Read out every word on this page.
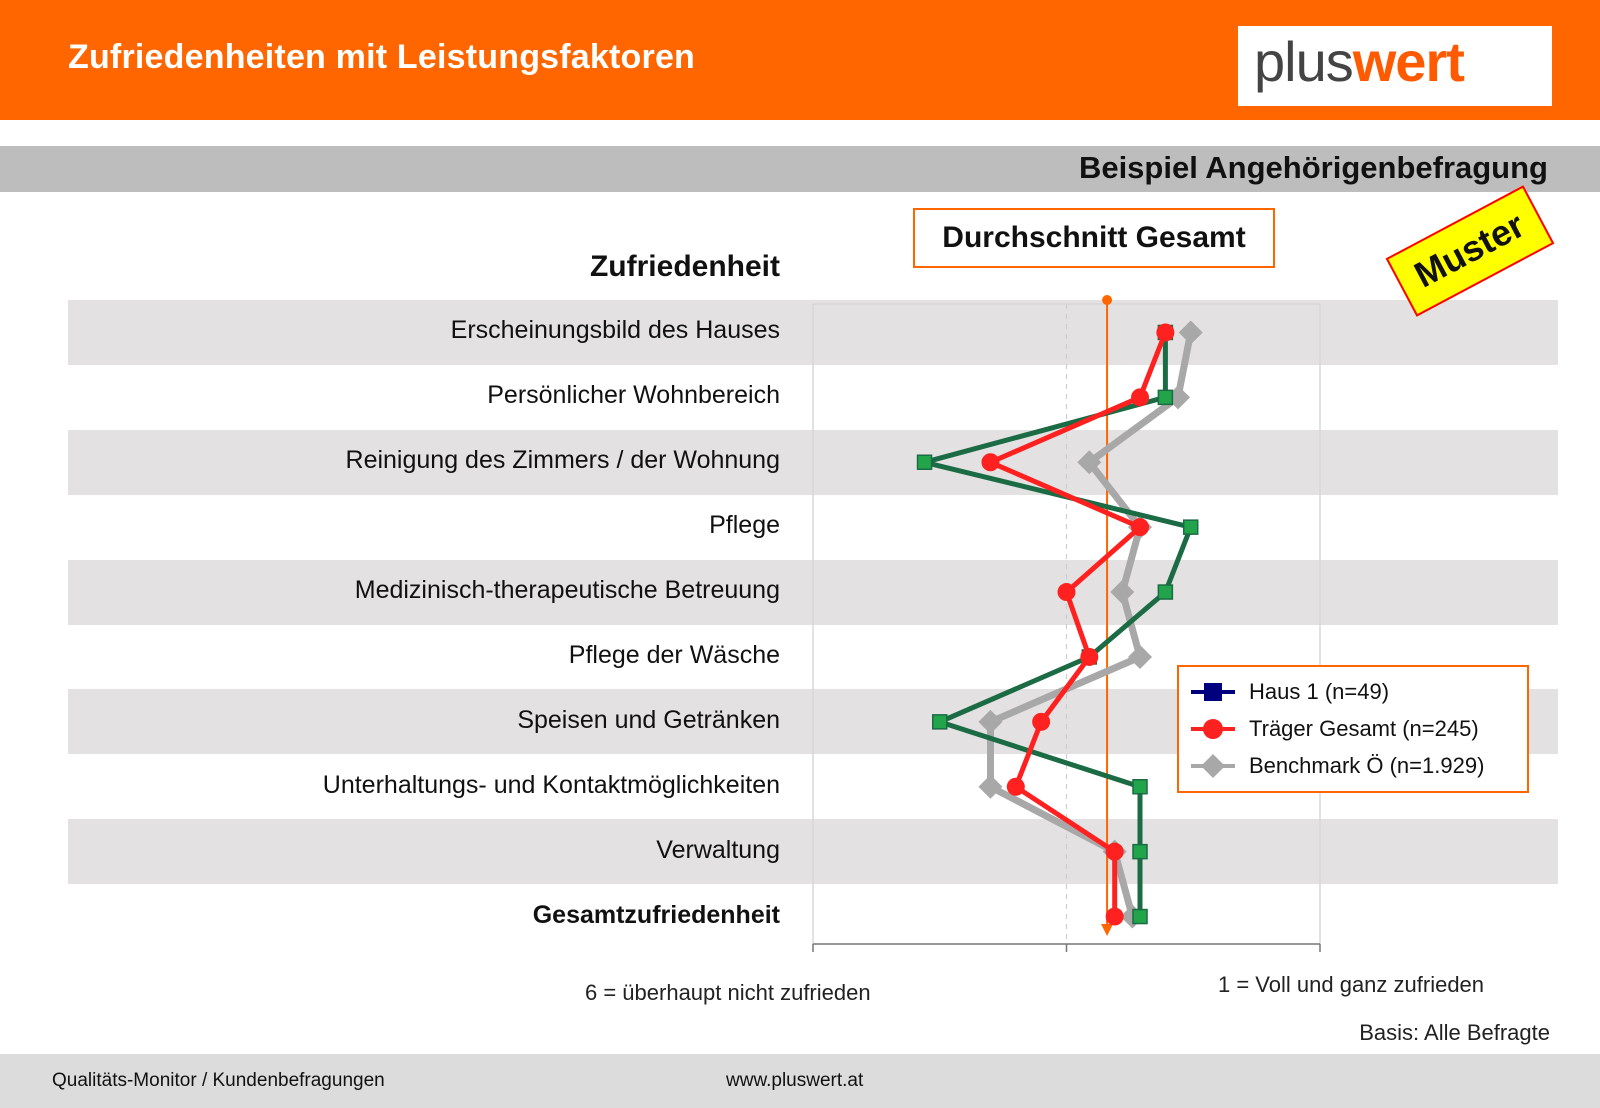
Zufriedenheiten mit Leistungsfaktoren	pluswert
Beispiel Angehörigenbefragung
Erscheinungsbild des Hauses
Persönlicher Wohnbereich
Reinigung des Zimmers / der Wohnung
Pflege
Medizinisch-therapeutische Betreuung
Pflege der Wäsche
Speisen und Getränken
Unterhaltungs- und Kontaktmöglichkeiten
Verwaltung
Gesamtzufriedenheit
Zufriedenheit
Durchschnitt Gesamt	Muster
Haus 1 (n=49)
Träger Gesamt (n=245)
Benchmark Ö (n=1.929)
6 = überhaupt nicht zufrieden	1 = Voll und ganz zufrieden
Basis: Alle Befragte
Qualitäts-Monitor / Kundenbefragungen	www.pluswert.at
